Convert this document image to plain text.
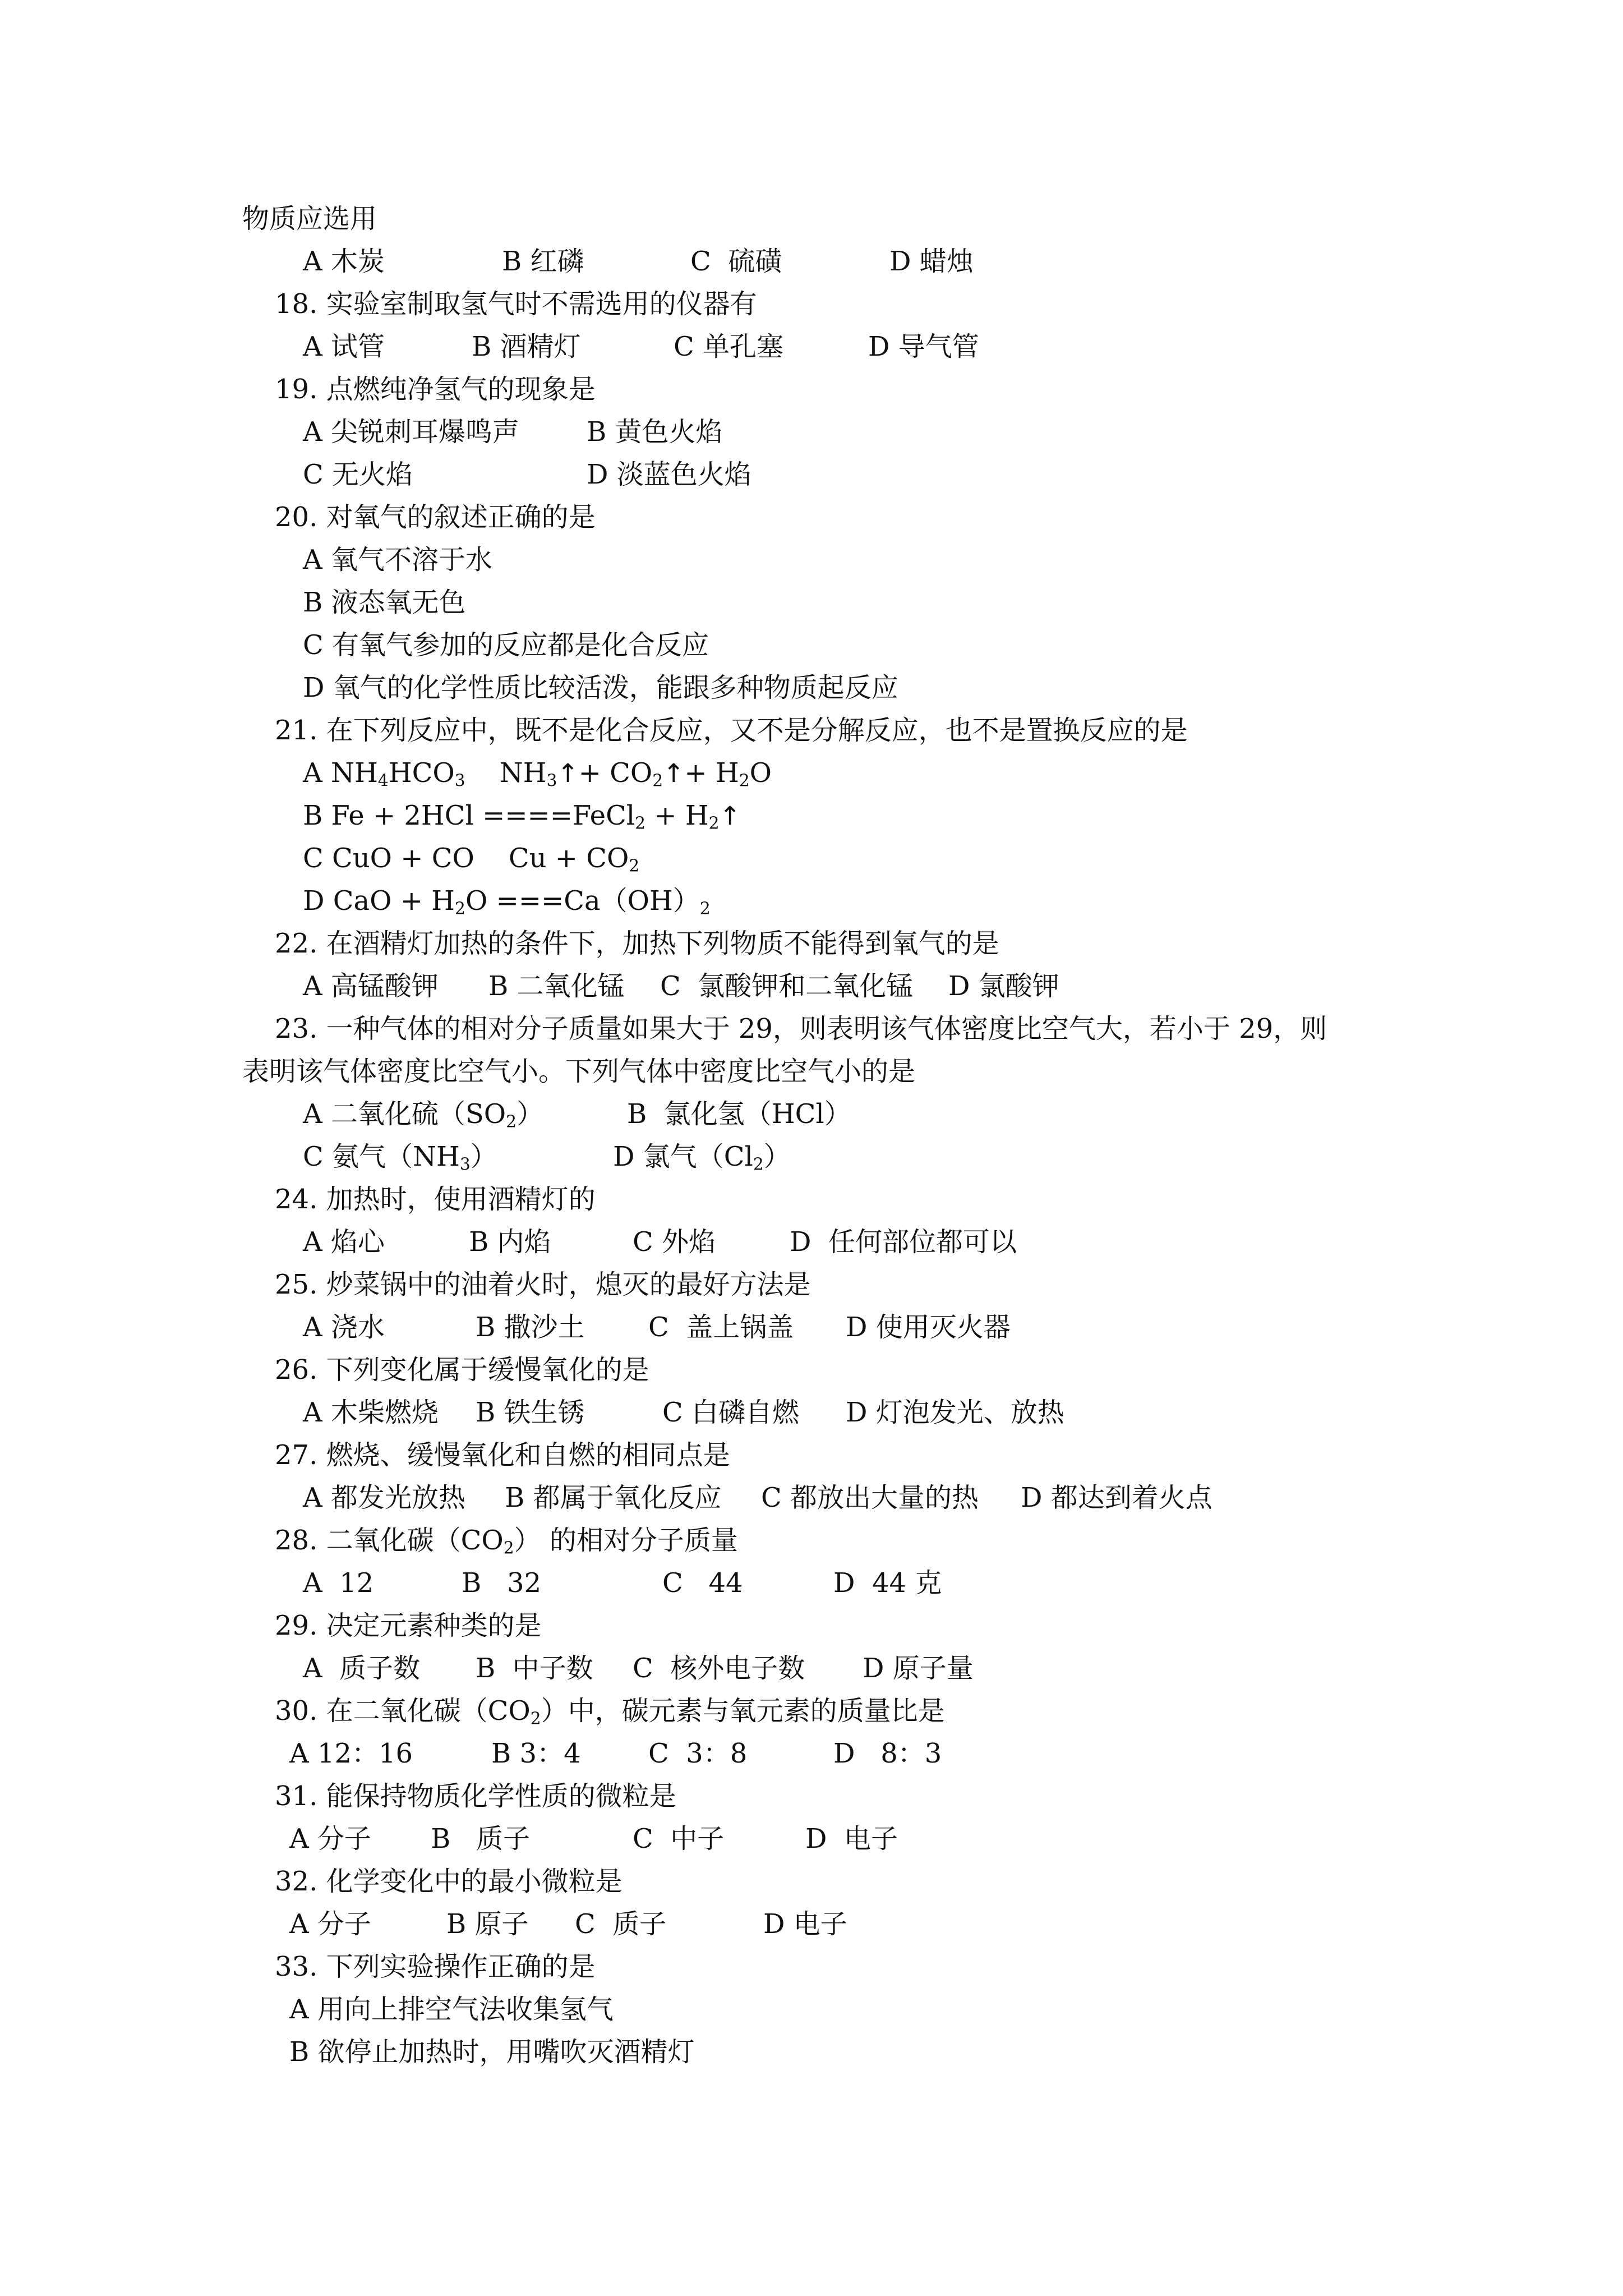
物质应选用
A 木炭	B 红磷	C  硫磺	D 蜡烛
18. 实验室制取氢气时不需选用的仪器有
A 试管	B 酒精灯	C 单孔塞	D 导气管
19. 点燃纯净氢气的现象是
A 尖锐刺耳爆鸣声	B 黄色火焰
C 无火焰	D 淡蓝色火焰
20. 对氧气的叙述正确的是
A 氧气不溶于水
B 液态氧无色
C 有氧气参加的反应都是化合反应
D 氧气的化学性质比较活泼，能跟多种物质起反应
21. 在下列反应中，既不是化合反应，又不是分解反应，也不是置换反应的是
A $NH_4HCO_3$ $NH_3↑+$ $CO_2↑+ H_2O$
B Fe + 2HCl ====FeCl$_2$ + $H_2↑$
C CuO + CO $Cu + CO_2$
D CaO + $H_2O ===Ca(OH)_2$
22. 在酒精灯加热的条件下，加热下列物质不能得到氧气的是
A 高锰酸钾 B 二氧化锰 C  氯酸钾和二氧化锰 D 氯酸钾
23. 一种气体的相对分子质量如果大于 29，则表明该气体密度比空气大，若小于 29，则
表明该气体密度比空气小。下列气体中密度比空气小的是
A 二氧化硫$(SO_2)$	B  氯化氢（HCl）
C 氨气$(NH_3)$	D 氯气$(Cl_2)$
24. 加热时，使用酒精灯的
A 焰心	B 内焰	C 外焰	D  任何部位都可以
25. 炒菜锅中的油着火时，熄灭的最好方法是
A 浇水	B 撒沙土 C  盖上锅盖 D 使用灭火器
26. 下列变化属于缓慢氧化的是
A 木柴燃烧 B 铁生锈	C 白磷自燃 D 灯泡发光、放热
27. 燃烧、缓慢氧化和自燃的相同点是
A 都发光放热 B 都属于氧化反应 C 都放出大量的热 D 都达到着火点
28. 二氧化碳$(CO_2)$ 的相对分子质量
A  12	B   32	C   44	D  44 克
29. 决定元素种类的是
A  质子数 B  中子数 C  核外电子数 D 原子量
30. 在二氧化碳$(CO_2)$中，碳元素与氧元素的质量比是
A 12：16	B 3：4	C  3：8	D   8：3
31. 能保持物质化学性质的微粒是
A 分子 B   质子	C  中子	D  电子
32. 化学变化中的最小微粒是
A 分子	B 原子 C  质子	D 电子
33. 下列实验操作正确的是
A 用向上排空气法收集氢气
B 欲停止加热时，用嘴吹灭酒精灯
